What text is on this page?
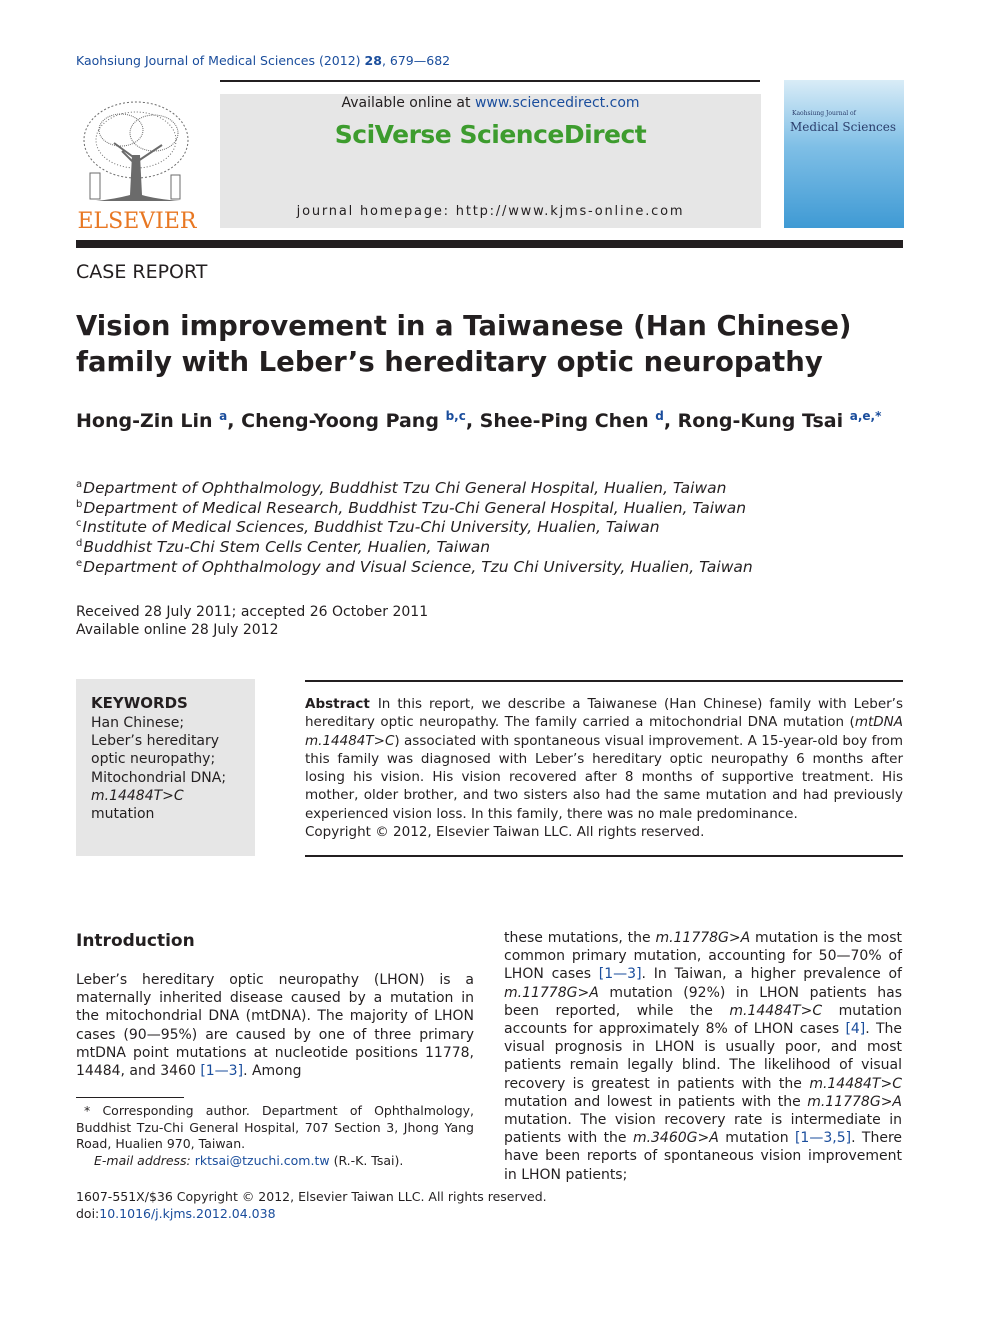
Kaohsiung Journal of Medical Sciences (2012) 28, 679—682
ELSEVIER
Available online at www.sciencedirect.com
SciVerse ScienceDirect
journal homepage: http://www.kjms-online.com
Kaohsiung Journal of
Medical Sciences
CASE REPORT
Vision improvement in a Taiwanese (Han Chinese) family with Leber’s hereditary optic neuropathy
Hong-Zin Lin $^a$, Cheng-Yoong Pang $^{b,c}$, Shee-Ping Chen $^d$, Rong-Kung Tsai $^{a,e,*}$
$^a$Department of Ophthalmology, Buddhist Tzu Chi General Hospital, Hualien, Taiwan
$^b$Department of Medical Research, Buddhist Tzu-Chi General Hospital, Hualien, Taiwan
$^c$Institute of Medical Sciences, Buddhist Tzu-Chi University, Hualien, Taiwan
$^d$Buddhist Tzu-Chi Stem Cells Center, Hualien, Taiwan
$^e$Department of Ophthalmology and Visual Science, Tzu Chi University, Hualien, Taiwan
Received 28 July 2011; accepted 26 October 2011
Available online 28 July 2012
KEYWORDS
Han Chinese;
Leber’s hereditary
optic neuropathy;
Mitochondrial DNA;
m.14484T>C
mutation
Abstract In this report, we describe a Taiwanese (Han Chinese) family with Leber’s hereditary optic neuropathy. The family carried a mitochondrial DNA mutation (mtDNA m.14484T>C) associated with spontaneous visual improvement. A 15-year-old boy from this family was diagnosed with Leber’s hereditary optic neuropathy 6 months after losing his vision. His vision recovered after 8 months of supportive treatment. His mother, older brother, and two sisters also had the same mutation and had previously experienced vision loss. In this family, there was no male predominance.
Copyright © 2012, Elsevier Taiwan LLC. All rights reserved.
Introduction
Leber’s hereditary optic neuropathy (LHON) is a maternally inherited disease caused by a mutation in the mitochondrial DNA (mtDNA). The majority of LHON cases (90—95%) are caused by one of three primary mtDNA point mutations at nucleotide positions 11778, 14484, and 3460 [1—3]. Among
these mutations, the m.11778G>A mutation is the most common primary mutation, accounting for 50—70% of LHON cases [1—3]. In Taiwan, a higher prevalence of m.11778G>A mutation (92%) in LHON patients has been reported, while the m.14484T>C mutation accounts for approximately 8% of LHON cases [4]. The visual prognosis in LHON is usually poor, and most patients remain legally blind. The likelihood of visual recovery is greatest in patients with the m.14484T>C mutation and lowest in patients with the m.11778G>A mutation. The vision recovery rate is intermediate in patients with the m.3460G>A mutation [1—3,5]. There have been reports of spontaneous vision improvement in LHON patients;
* Corresponding author. Department of Ophthalmology, Buddhist Tzu-Chi General Hospital, 707 Section 3, Jhong Yang Road, Hualien 970, Taiwan.
E-mail address: rktsai@tzuchi.com.tw (R.-K. Tsai).
1607-551X/$36 Copyright © 2012, Elsevier Taiwan LLC. All rights reserved.
doi:10.1016/j.kjms.2012.04.038
